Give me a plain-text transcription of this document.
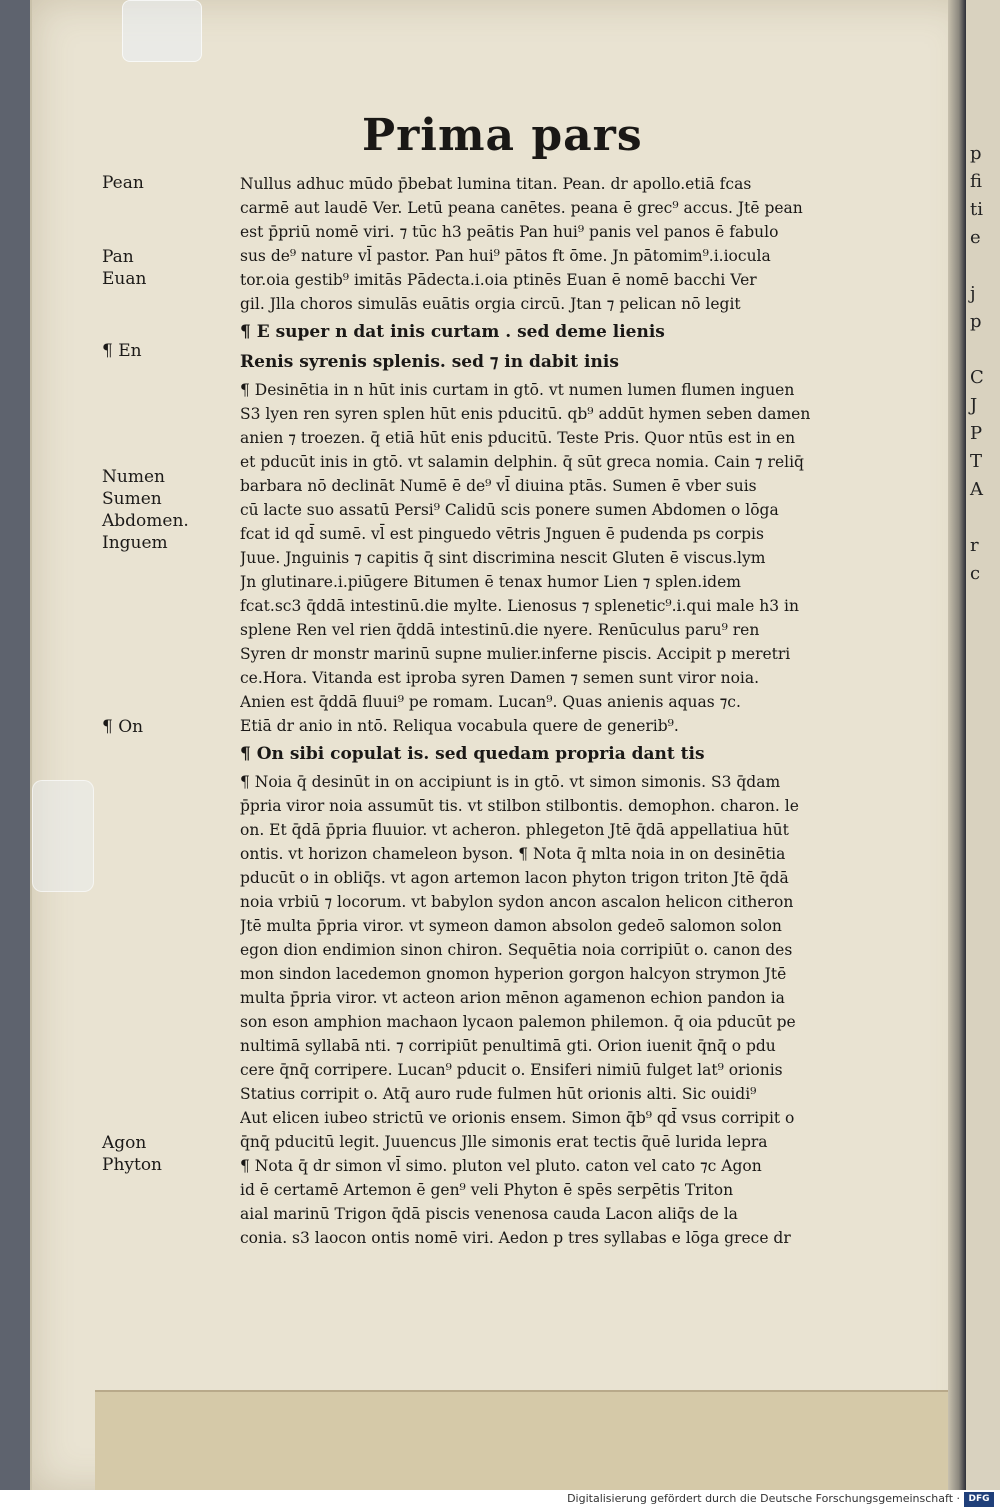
Prima pars
Pean
Pan
Euan
¶ En
Numen
Sumen
Abdomen.
Inguem
¶ On
Agon
Phyton
Nullus adhuc mūdo p̄bebat lumina titan. Pean. dr apollo.etiā fcas
carmē aut laudē Ver. Letū peana canētes. peana ē grec⁹ accus. Jtē pean
est p̄priū nomē viri. ⁊ tūc h3 peātis Pan hui⁹ panis vel panos ē fabulo
sus de⁹ nature vl̄ pastor. Pan hui⁹ pātos ft ōme. Jn pātomim⁹.i.iocula
tor.oia gestib⁹ imitās Pādecta.i.oia ptinēs Euan ē nomē bacchi Ver
gil. Jlla choros simulās euātis orgia circū. Jtan ⁊ pelican nō legit
¶ E super n dat inis curtam . sed deme lienis
Renis syrenis splenis. sed ⁊ in dabit inis
¶ Desinētia in n hūt inis curtam in gtō. vt numen lumen flumen inguen
S3 lyen ren syren splen hūt enis pducitū. qb⁹ addūt hymen seben damen
anien ⁊ troezen. q̄ etiā hūt enis pducitū. Teste Pris. Quor ntūs est in en
et pducūt inis in gtō. vt salamin delphin. q̄ sūt greca nomia. Cain ⁊ reliq̄
barbara nō declināt Numē ē de⁹ vl̄ diuina ptās. Sumen ē vber suis
cū lacte suo assatū Persi⁹ Calidū scis ponere sumen Abdomen o lōga
fcat id qd̄ sumē. vl̄ est pinguedo vētris Jnguen ē pudenda ps corpis
Juue. Jnguinis ⁊ capitis q̄ sint discrimina nescit Gluten ē viscus.lym
Jn glutinare.i.piūgere Bitumen ē tenax humor Lien ⁊ splen.idem
fcat.sc3 q̄ddā intestinū.die mylte. Lienosus ⁊ splenetic⁹.i.qui male h3 in
splene Ren vel rien q̄ddā intestinū.die nyere. Renūculus paru⁹ ren
Syren dr monstr marinū supne mulier.inferne piscis. Accipit p meretri
ce.Hora. Vitanda est iproba syren Damen ⁊ semen sunt viror noia.
Anien est q̄ddā fluui⁹ pe romam. Lucan⁹. Quas anienis aquas ⁊c.
Etiā dr anio in ntō. Reliqua vocabula quere de generib⁹.
¶ On sibi copulat is. sed quedam propria dant tis
¶ Noia q̄ desinūt in on accipiunt is in gtō. vt simon simonis. S3 q̄dam
p̄pria viror noia assumūt tis. vt stilbon stilbontis. demophon. charon. le
on. Et q̄dā p̄pria fluuior. vt acheron. phlegeton Jtē q̄dā appellatiua hūt
ontis. vt horizon chameleon byson. ¶ Nota q̄ mlta noia in on desinētia
pducūt o in obliq̄s. vt agon artemon lacon phyton trigon triton Jtē q̄dā
noia vrbiū ⁊ locorum. vt babylon sydon ancon ascalon helicon citheron
Jtē multa p̄pria viror. vt symeon damon absolon gedeō salomon solon
egon dion endimion sinon chiron. Sequētia noia corripiūt o. canon des
mon sindon lacedemon gnomon hyperion gorgon halcyon strymon Jtē
multa p̄pria viror. vt acteon arion mēnon agamenon echion pandon ia
son eson amphion machaon lycaon palemon philemon. q̄ oia pducūt pe
nultimā syllabā nti. ⁊ corripiūt penultimā gti. Orion iuenit q̄nq̄ o pdu
cere q̄nq̄ corripere. Lucan⁹ pducit o. Ensiferi nimiū fulget lat⁹ orionis
Statius corripit o. Atq̄ auro rude fulmen hūt orionis alti. Sic ouidi⁹
Aut elicen iubeo strictū ve orionis ensem. Simon q̄b⁹ qd̄ vsus corripit o
q̄nq̄ pducitū legit. Juuencus Jlle simonis erat tectis q̄uē lurida lepra
¶ Nota q̄ dr simon vl̄ simo. pluton vel pluto. caton vel cato ⁊c Agon
id ē certamē Artemon ē gen⁹ veli Phyton ē spēs serpētis Triton
aial marinū Trigon q̄dā piscis venenosa cauda Lacon aliq̄s de la
conia. s3 laocon ontis nomē viri. Aedon p tres syllabas e lōga grece dr
p
fi
ti
e

j
p

C
J
P
T
A

r
c
Digitalisierung gefördert durch die Deutsche Forschungsgemeinschaft · DFG
